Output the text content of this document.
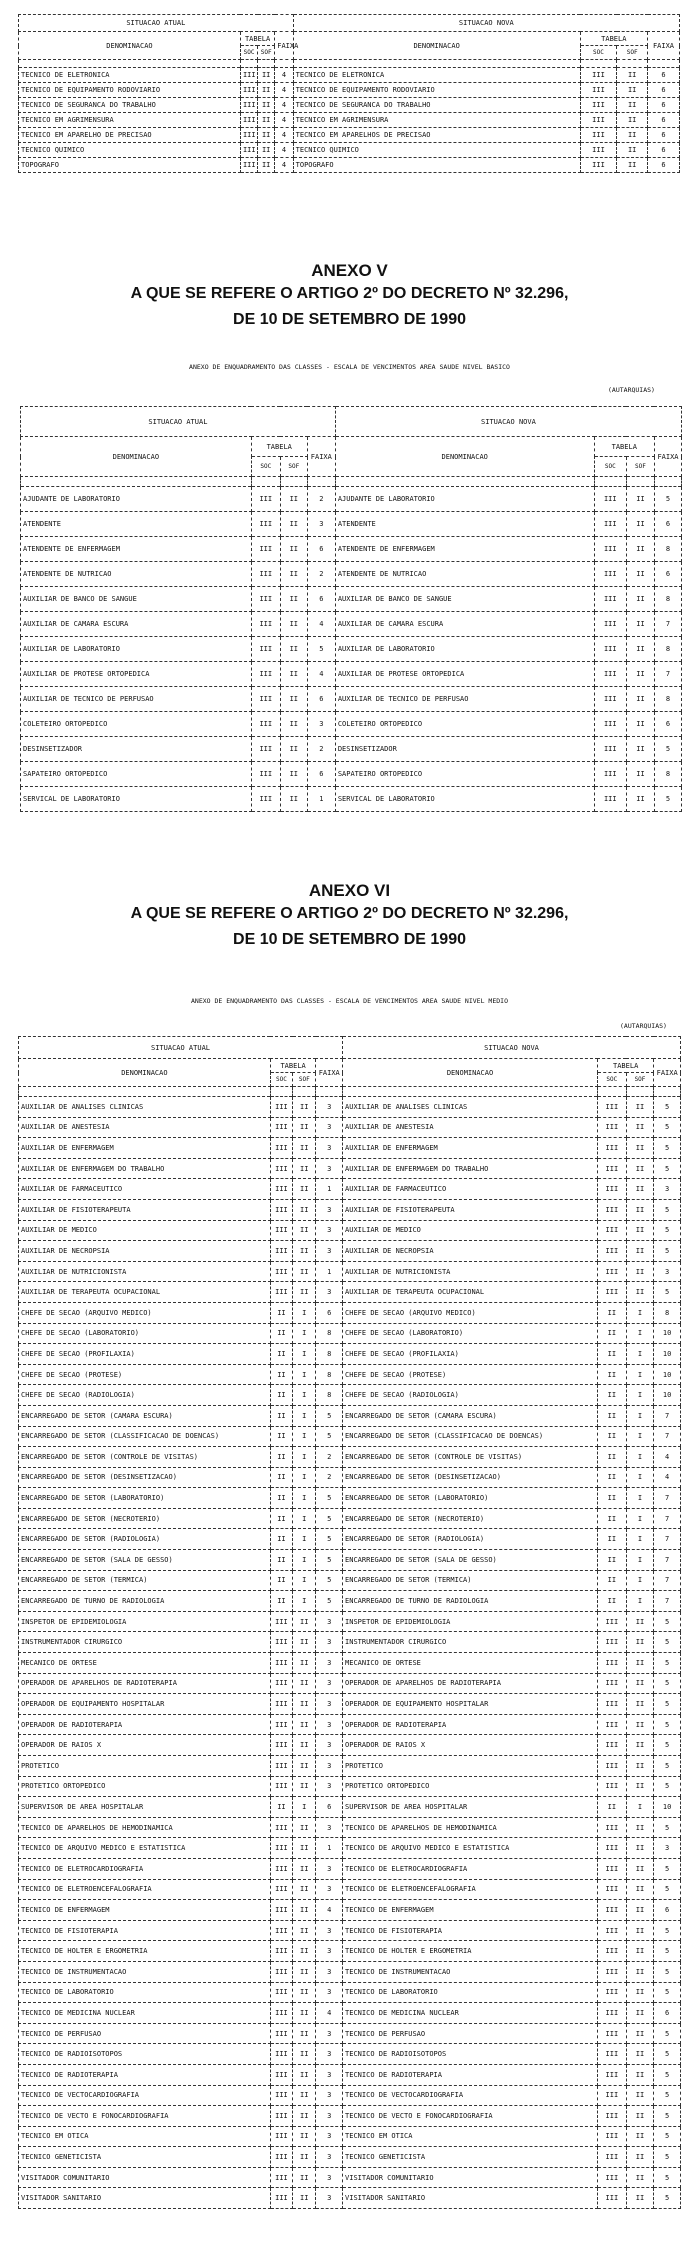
SITUACAO ATUAL				SITUACAO NOVA			
DENOMINACAO	TABELA		FAIXA	DENOMINACAO	TABELA		FAIXA
	SOC	SOF			SOC	SOF	

TECNICO DE ELETRONICA	III	II	4	TECNICO DE ELETRONICA	III	II	6
TECNICO DE EQUIPAMENTO RODOVIARIO	III	II	4	TECNICO DE EQUIPAMENTO RODOVIARIO	III	II	6
TECNICO DE SEGURANCA DO TRABALHO	III	II	4	TECNICO DE SEGURANCA DO TRABALHO	III	II	6
TECNICO EM AGRIMENSURA	III	II	4	TECNICO EM AGRIMENSURA	III	II	6
TECNICO EM APARELHO DE PRECISAO	III	II	4	TECNICO EM APARELHOS DE PRECISAO	III	II	6
TECNICO QUIMICO	III	II	4	TECNICO QUIMICO	III	II	6
TOPOGRAFO	III	II	4	TOPOGRAFO	III	II	6
ANEXO V
A QUE SE REFERE O ARTIGO 2º DO DECRETO Nº 32.296,
DE 10 DE SETEMBRO DE 1990
ANEXO DE ENQUADRAMENTO DAS CLASSES - ESCALA DE VENCIMENTOS AREA SAUDE NIVEL BASICO
(AUTARQUIAS)
SITUACAO ATUAL				SITUACAO NOVA			
DENOMINACAO	TABELA		FAIXA	DENOMINACAO	TABELA		FAIXA
	SOC	SOF			SOC	SOF	

AJUDANTE DE LABORATORIO	III	II	2	AJUDANTE DE LABORATORIO	III	II	5
ATENDENTE	III	II	3	ATENDENTE	III	II	6
ATENDENTE DE ENFERMAGEM	III	II	6	ATENDENTE DE ENFERMAGEM	III	II	8
ATENDENTE DE NUTRICAO	III	II	2	ATENDENTE DE NUTRICAO	III	II	6
AUXILIAR DE BANCO DE SANGUE	III	II	6	AUXILIAR DE BANCO DE SANGUE	III	II	8
AUXILIAR DE CAMARA ESCURA	III	II	4	AUXILIAR DE CAMARA ESCURA	III	II	7
AUXILIAR DE LABORATORIO	III	II	5	AUXILIAR DE LABORATORIO	III	II	8
AUXILIAR DE PROTESE ORTOPEDICA	III	II	4	AUXILIAR DE PROTESE ORTOPEDICA	III	II	7
AUXILIAR DE TECNICO DE PERFUSAO	III	II	6	AUXILIAR DE TECNICO DE PERFUSAO	III	II	8
COLETEIRO ORTOPEDICO	III	II	3	COLETEIRO ORTOPEDICO	III	II	6
DESINSETIZADOR	III	II	2	DESINSETIZADOR	III	II	5
SAPATEIRO ORTOPEDICO	III	II	6	SAPATEIRO ORTOPEDICO	III	II	8
SERVICAL DE LABORATORIO	III	II	1	SERVICAL DE LABORATORIO	III	II	5
ANEXO VI
A QUE SE REFERE O ARTIGO 2º DO DECRETO Nº 32.296,
DE 10 DE SETEMBRO DE 1990
ANEXO DE ENQUADRAMENTO DAS CLASSES - ESCALA DE VENCIMENTOS AREA SAUDE NIVEL MEDIO
(AUTARQUIAS)
SITUACAO ATUAL				SITUACAO NOVA			
DENOMINACAO	TABELA		FAIXA	DENOMINACAO	TABELA		FAIXA
	SOC	SOF			SOC	SOF	

AUXILIAR DE ANALISES CLINICAS	III	II	3	AUXILIAR DE ANALISES CLINICAS	III	II	5
AUXILIAR DE ANESTESIA	III	II	3	AUXILIAR DE ANESTESIA	III	II	5
AUXILIAR DE ENFERMAGEM	III	II	3	AUXILIAR DE ENFERMAGEM	III	II	5
AUXILIAR DE ENFERMAGEM DO TRABALHO	III	II	3	AUXILIAR DE ENFERMAGEM DO TRABALHO	III	II	5
AUXILIAR DE FARMACEUTICO	III	II	1	AUXILIAR DE FARMACEUTICO	III	II	3
AUXILIAR DE FISIOTERAPEUTA	III	II	3	AUXILIAR DE FISIOTERAPEUTA	III	II	5
AUXILIAR DE MEDICO	III	II	3	AUXILIAR DE MEDICO	III	II	5
AUXILIAR DE NECROPSIA	III	II	3	AUXILIAR DE NECROPSIA	III	II	5
AUXILIAR DE NUTRICIONISTA	III	II	1	AUXILIAR DE NUTRICIONISTA	III	II	3
AUXILIAR DE TERAPEUTA OCUPACIONAL	III	II	3	AUXILIAR DE TERAPEUTA OCUPACIONAL	III	II	5
CHEFE DE SECAO (ARQUIVO MEDICO)	II	I	6	CHEFE DE SECAO (ARQUIVO MEDICO)	II	I	8
CHEFE DE SECAO (LABORATORIO)	II	I	8	CHEFE DE SECAO (LABORATORIO)	II	I	10
CHEFE DE SECAO (PROFILAXIA)	II	I	8	CHEFE DE SECAO (PROFILAXIA)	II	I	10
CHEFE DE SECAO (PROTESE)	II	I	8	CHEFE DE SECAO (PROTESE)	II	I	10
CHEFE DE SECAO (RADIOLOGIA)	II	I	8	CHEFE DE SECAO (RADIOLOGIA)	II	I	10
ENCARREGADO DE SETOR (CAMARA ESCURA)	II	I	5	ENCARREGADO DE SETOR (CAMARA ESCURA)	II	I	7
ENCARREGADO DE SETOR (CLASSIFICACAO DE DOENCAS)	II	I	5	ENCARREGADO DE SETOR (CLASSIFICACAO DE DOENCAS)	II	I	7
ENCARREGADO DE SETOR (CONTROLE DE VISITAS)	II	I	2	ENCARREGADO DE SETOR (CONTROLE DE VISITAS)	II	I	4
ENCARREGADO DE SETOR (DESINSETIZACAO)	II	I	2	ENCARREGADO DE SETOR (DESINSETIZACAO)	II	I	4
ENCARREGADO DE SETOR (LABORATORIO)	II	I	5	ENCARREGADO DE SETOR (LABORATORIO)	II	I	7
ENCARREGADO DE SETOR (NECROTERIO)	II	I	5	ENCARREGADO DE SETOR (NECROTERIO)	II	I	7
ENCARREGADO DE SETOR (RADIOLOGIA)	II	I	5	ENCARREGADO DE SETOR (RADIOLOGIA)	II	I	7
ENCARREGADO DE SETOR (SALA DE GESSO)	II	I	5	ENCARREGADO DE SETOR (SALA DE GESSO)	II	I	7
ENCARREGADO DE SETOR (TERMICA)	II	I	5	ENCARREGADO DE SETOR (TERMICA)	II	I	7
ENCARREGADO DE TURNO DE RADIOLOGIA	II	I	5	ENCARREGADO DE TURNO DE RADIOLOGIA	II	I	7
INSPETOR DE EPIDEMIOLOGIA	III	II	3	INSPETOR DE EPIDEMIOLOGIA	III	II	5
INSTRUMENTADOR CIRURGICO	III	II	3	INSTRUMENTADOR CIRURGICO	III	II	5
MECANICO DE ORTESE	III	II	3	MECANICO DE ORTESE	III	II	5
OPERADOR DE APARELHOS DE RADIOTERAPIA	III	II	3	OPERADOR DE APARELHOS DE RADIOTERAPIA	III	II	5
OPERADOR DE EQUIPAMENTO HOSPITALAR	III	II	3	OPERADOR DE EQUIPAMENTO HOSPITALAR	III	II	5
OPERADOR DE RADIOTERAPIA	III	II	3	OPERADOR DE RADIOTERAPIA	III	II	5
OPERADOR DE RAIOS X	III	II	3	OPERADOR DE RAIOS X	III	II	5
PROTETICO	III	II	3	PROTETICO	III	II	5
PROTETICO ORTOPEDICO	III	II	3	PROTETICO ORTOPEDICO	III	II	5
SUPERVISOR DE AREA HOSPITALAR	II	I	6	SUPERVISOR DE AREA HOSPITALAR	II	I	10
TECNICO DE APARELHOS DE HEMODINAMICA	III	II	3	TECNICO DE APARELHOS DE HEMODINAMICA	III	II	5
TECNICO DE ARQUIVO MEDICO E ESTATISTICA	III	II	1	TECNICO DE ARQUIVO MEDICO E ESTATISTICA	III	II	3
TECNICO DE ELETROCARDIOGRAFIA	III	II	3	TECNICO DE ELETROCARDIOGRAFIA	III	II	5
TECNICO DE ELETROENCEFALOGRAFIA	III	II	3	TECNICO DE ELETROENCEFALOGRAFIA	III	II	5
TECNICO DE ENFERMAGEM	III	II	4	TECNICO DE ENFERMAGEM	III	II	6
TECNICO DE FISIOTERAPIA	III	II	3	TECNICO DE FISIOTERAPIA	III	II	5
TECNICO DE HOLTER E ERGOMETRIA	III	II	3	TECNICO DE HOLTER E ERGOMETRIA	III	II	5
TECNICO DE INSTRUMENTACAO	III	II	3	TECNICO DE INSTRUMENTACAO	III	II	5
TECNICO DE LABORATORIO	III	II	3	TECNICO DE LABORATORIO	III	II	5
TECNICO DE MEDICINA NUCLEAR	III	II	4	TECNICO DE MEDICINA NUCLEAR	III	II	6
TECNICO DE PERFUSAO	III	II	3	TECNICO DE PERFUSAO	III	II	5
TECNICO DE RADIOISOTOPOS	III	II	3	TECNICO DE RADIOISOTOPOS	III	II	5
TECNICO DE RADIOTERAPIA	III	II	3	TECNICO DE RADIOTERAPIA	III	II	5
TECNICO DE VECTOCARDIOGRAFIA	III	II	3	TECNICO DE VECTOCARDIOGRAFIA	III	II	5
TECNICO DE VECTO E FONOCARDIOGRAFIA	III	II	3	TECNICO DE VECTO E FONOCARDIOGRAFIA	III	II	5
TECNICO EM OTICA	III	II	3	TECNICO EM OTICA	III	II	5
TECNICO GENETICISTA	III	II	3	TECNICO GENETICISTA	III	II	5
VISITADOR COMUNITARIO	III	II	3	VISITADOR COMUNITARIO	III	II	5
VISITADOR SANITARIO	III	II	3	VISITADOR SANITARIO	III	II	5
